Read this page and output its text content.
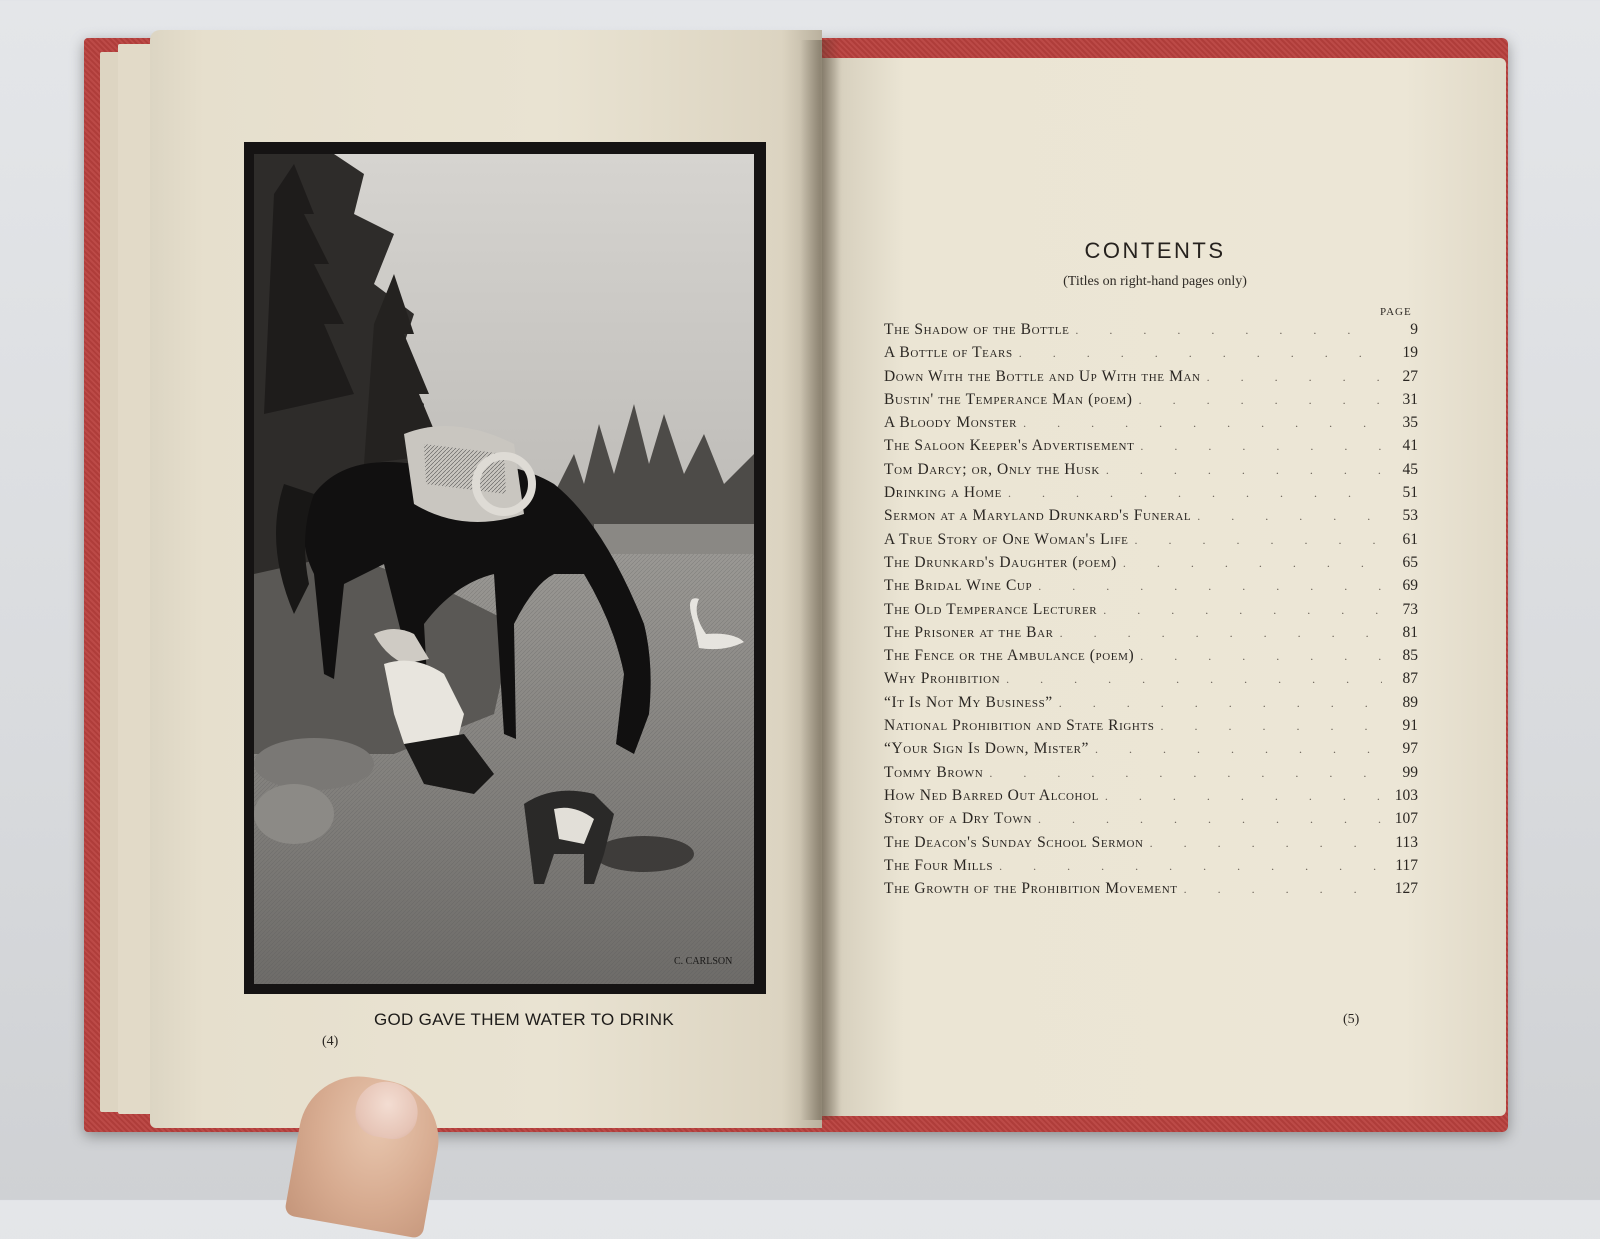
C. CARLSON
GOD GAVE THEM WATER TO DRINK
(4)
CONTENTS
(Titles on right-hand pages only)
PAGE
The Shadow of the Bottle . . .	9
A Bottle of Tears . . .	19
Down With the Bottle and Up With the Man . . .	27
Bustin' the Temperance Man (poem) . . .	31
A Bloody Monster . . .	35
The Saloon Keeper's Advertisement . . .	41
Tom Darcy; or, Only the Husk . . .	45
Drinking a Home . . .	51
Sermon at a Maryland Drunkard's Funeral . . .	53
A True Story of One Woman's Life . . .	61
The Drunkard's Daughter (poem) . . .	65
The Bridal Wine Cup . . .	69
The Old Temperance Lecturer . . .	73
The Prisoner at the Bar . . .	81
The Fence or the Ambulance (poem) . . .	85
Why Prohibition . . .	87
“It Is Not My Business” . . .	89
National Prohibition and State Rights . . .	91
“Your Sign Is Down, Mister” . . .	97
Tommy Brown . . .	99
How Ned Barred Out Alcohol . . .	103
Story of a Dry Town . . .	107
The Deacon's Sunday School Sermon . . .	113
The Four Mills . . .	117
The Growth of the Prohibition Movement . . .	127
(5)
